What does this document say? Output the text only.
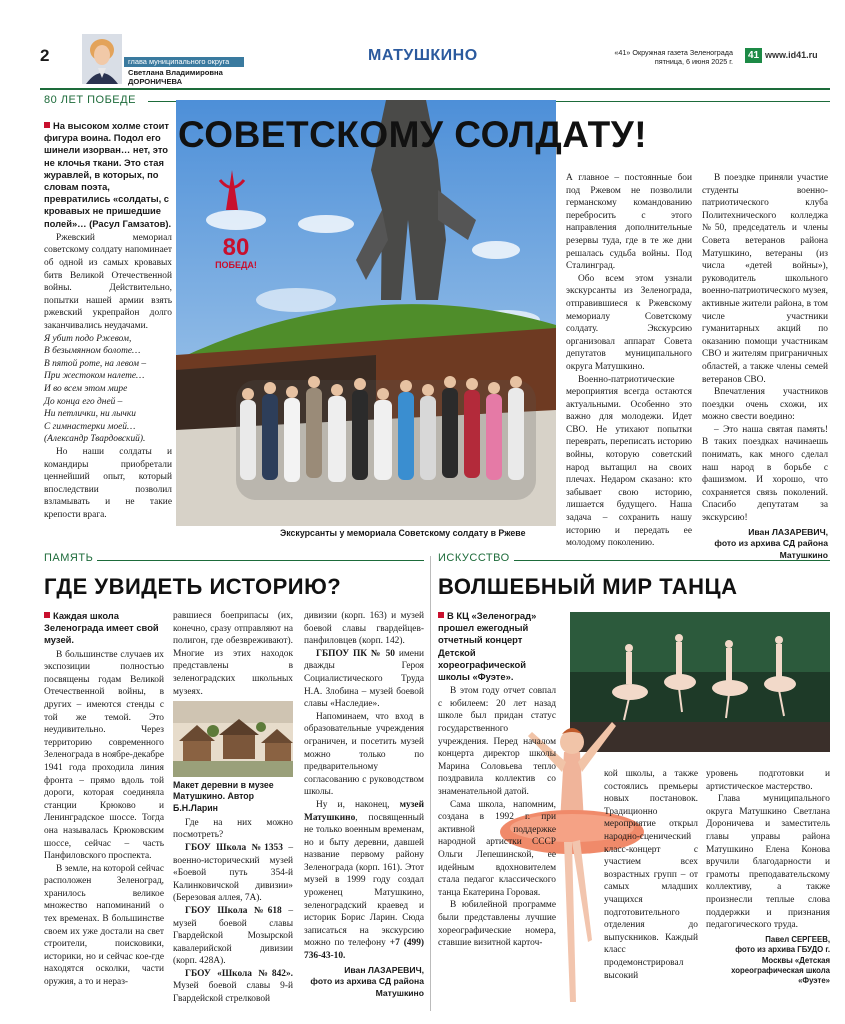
2	глава муниципального округа
Светлана Владимировна
ДОРОНИЧЕВА
МАТУШКИНО	«41» Окружная газета Зеленограда
пятница, 6 июня 2025 г.
41 www.id41.ru
80 ЛЕТ ПОБЕДЕ
80
ПОБЕДА!
СОВЕТСКОМУ СОЛДАТУ!
Экскурсанты у мемориала Советскому солдату в Ржеве
На высоком холме стоит фигура воина. Подол его шинели изорван… нет, это не клочья ткани. Это стая журавлей, в которых, по словам поэта, превратились «солдаты, с кровавых не пришедшие полей»… (Расул Гамзатов).

Ржевский мемориал советскому солдату напоминает об одной из самых кровавых битв Великой Отечественной войны. Действительно, попытки нашей армии взять ржевский укрепрайон долго заканчивались неудачами.

Я убит подо Ржевом,
В безымянном болоте…
В пятой роте, на левом –
При жестоком налете…
И во всем этом мире
До конца его дней –
Ни петлички, ни лычки
С гимнастерки моей…
(Александр Твардовский).

Но наши солдаты и командиры приобретали ценнейший опыт, который впоследствии позволил взламывать и не такие крепости врага.

А главное – постоянные бои под Ржевом не позволили германскому командованию перебросить с этого направления дополнительные резервы туда, где в те же дни решалась судьба войны. Под Сталинград.

Обо всем этом узнали экскурсанты из Зеленограда, отправившиеся к Ржевскому мемориалу Советскому солдату. Экскурсию организовал аппарат Совета депутатов муниципального округа Матушкино.

Военно-патриотические мероприятия всегда остаются актуальными. Особенно это важно для молодежи. Идет СВО. Не утихают попытки переврать, переписать историю войны, которую советский народ вытащил на своих плечах. Недаром сказано: кто забывает свою историю, лишается будущего. Наша задача – сохранить нашу историю и передать ее молодому поколению.

В поездке приняли участие студенты военно-патриотического клуба Политехнического колледжа №50, председатель и члены Совета ветеранов района Матушкино, ветераны (из числа «детей войны»), руководитель школьного военно-патриотического музея, активные жители района, в том числе участники гуманитарных акций по оказанию помощи участникам СВО и жителям приграничных областей, а также члены семей ветеранов СВО.

Впечатления участников поездки очень схожи, их можно свести воедино:

– Это наша святая память! В таких поездках начинаешь понимать, как много сделал наш народ в борьбе с фашизмом. И хорошо, что сохраняется связь поколений. Спасибо депутатам за экскурсию!

Иван ЛАЗАРЕВИЧ,
фото из архива СД района Матушкино
ПАМЯТЬ
ГДЕ УВИДЕТЬ ИСТОРИЮ?
Каждая школа Зеленограда имеет свой музей.

В большинстве случаев их экспозиции полностью посвящены годам Великой Отечественной войны, в других – имеются стенды с той же темой. Это неудивительно. Через территорию современного Зеленограда в ноябре-декабре 1941 года проходила линия фронта – прямо вдоль той дороги, которая соединяла станции Крюково и Ленинградское шоссе. Тогда она называлась Крюковским шоссе, сейчас – часть Панфиловского проспекта.

В земле, на которой сейчас расположен Зеленоград, хранилось великое множество напоминаний о тех временах. В большинстве своем их уже достали на свет строители, поисковики, историки, но и сейчас кое-где находятся осколки, части оружия, а то и нераз-

равшиеся боеприпасы (их, конечно, сразу отправляют на полигон, где обезвреживают). Многие из этих находок представлены в зеленоградских школьных музеях.

Макет деревни в музее Матушкино. Автор Б.Н.Ларин

Где на них можно посмотреть?

ГБОУ Школа №1353 – военно-исторический музей «Боевой путь 354-й Калинковичской дивизии» (Березовая аллея, 7А).

ГБОУ Школа №618 – музей боевой славы Гвардейской Мозырской кавалерийской дивизии (корп. 428А).

ГБОУ «Школа №842». Музей боевой славы 9-й Гвардейской стрелковой

дивизии (корп. 163) и музей боевой славы гвардейцев-панфиловцев (корп. 142).

ГБПОУ ПК № 50 имени дважды Героя Социалистического Труда Н.А. Злобина – музей боевой славы «Наследие».

Напоминаем, что вход в образовательные учреждения ограничен, и посетить музей можно только по предварительному согласованию с руководством школы.

Ну и, наконец, музей Матушкино, посвященный не только военным временам, но и быту деревни, давшей название первому району Зеленограда (корп. 161). Этот музей в 1999 году создал уроженец Матушкино, зеленоградский краевед и историк Борис Ларин. Сюда записаться на экскурсию можно по телефону +7 (499) 736-43-10.

Иван ЛАЗАРЕВИЧ,
фото из архива СД района Матушкино
ИСКУССТВО
ВОЛШЕБНЫЙ МИР ТАНЦА
В КЦ «Зеленоград» прошел ежегодный отчетный концерт Детской хореографической школы «Фуэте».

В этом году отчет совпал с юбилеем: 20 лет назад школе был придан статус государственного учреждения. Перед началом концерта директор школы Марина Соловьева тепло поздравила коллектив со знаменательной датой.

Сама школа, напомним, создана в 1992 г. при активной поддержке народной артистки СССР Ольги Лепешинской, ее идейным вдохновителем стала педагог классического танца Екатерина Горовая.

В юбилейной программе были представлены лучшие хореографические номера, ставшие визитной карточ-

кой школы, а также состоялись премьеры новых постановок. Традиционно мероприятие открыл народно-сценический класс-концерт с участием всех возрастных групп – от самых младших учащихся подготовительного отделения до выпускников. Каждый класс продемонстрировал высокий

уровень подготовки и артистическое мастерство.

Глава муниципального округа Матушкино Светлана Дороничева и заместитель главы управы района Матушкино Елена Конова вручили благодарности и грамоты преподавательскому коллективу, а также произнесли теплые слова поддержки и признания педагогического труда.

Павел СЕРГЕЕВ,
фото из архива ГБУДО г. Москвы «Детская хореографическая школа «Фуэте»
